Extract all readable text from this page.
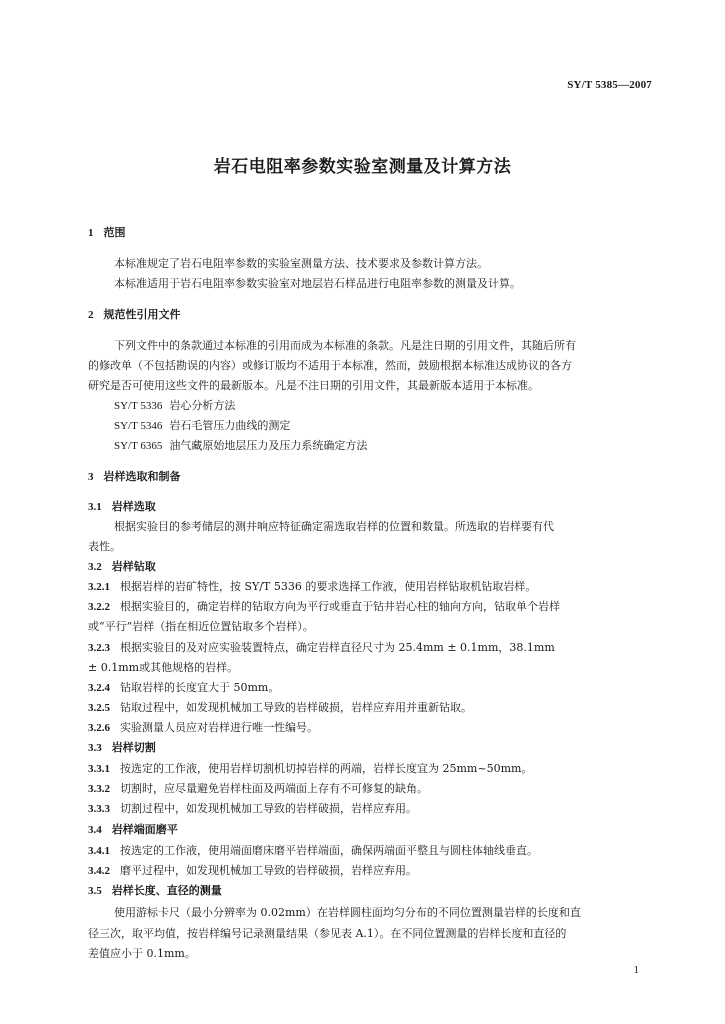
SY/T 5385—2007
岩石电阻率参数实验室测量及计算方法
1 范围
本标准规定了岩石电阻率参数的实验室测量方法、技术要求及参数计算方法。
本标准适用于岩石电阻率参数实验室对地层岩石样品进行电阻率参数的测量及计算。
2 规范性引用文件
下列文件中的条款通过本标准的引用而成为本标准的条款。凡是注日期的引用文件，其随后所有
的修改单（不包括勘误的内容）或修订版均不适用于本标准，然而，鼓励根据本标准达成协议的各方
研究是否可使用这些文件的最新版本。凡是不注日期的引用文件，其最新版本适用于本标准。
SY/T 5336 岩心分析方法
SY/T 5346 岩石毛管压力曲线的测定
SY/T 6365 油气藏原始地层压力及压力系统确定方法
3 岩样选取和制备
3.1 岩样选取
根据实验目的参考储层的测井响应特征确定需选取岩样的位置和数量。所选取的岩样要有代
表性。
3.2 岩样钻取
3.2.1 根据岩样的岩矿特性，按 SY/T 5336 的要求选择工作液，使用岩样钻取机钻取岩样。
3.2.2 根据实验目的，确定岩样的钻取方向为平行或垂直于钻井岩心柱的轴向方向，钻取单个岩样
或“平行”岩样（指在相近位置钻取多个岩样）。
3.2.3 根据实验目的及对应实验装置特点，确定岩样直径尺寸为 25.4mm ± 0.1mm，38.1mm
± 0.1mm或其他规格的岩样。
3.2.4 钻取岩样的长度宜大于 50mm。
3.2.5 钻取过程中，如发现机械加工导致的岩样破损，岩样应弃用并重新钻取。
3.2.6 实验测量人员应对岩样进行唯一性编号。
3.3 岩样切割
3.3.1 按选定的工作液，使用岩样切割机切掉岩样的两端，岩样长度宜为 25mm~50mm。
3.3.2 切割时，应尽量避免岩样柱面及两端面上存有不可修复的缺角。
3.3.3 切割过程中，如发现机械加工导致的岩样破损，岩样应弃用。
3.4 岩样端面磨平
3.4.1 按选定的工作液，使用端面磨床磨平岩样端面，确保两端面平整且与圆柱体轴线垂直。
3.4.2 磨平过程中，如发现机械加工导致的岩样破损，岩样应弃用。
3.5 岩样长度、直径的测量
使用游标卡尺（最小分辨率为 0.02mm）在岩样圆柱面均匀分布的不同位置测量岩样的长度和直
径三次，取平均值，按岩样编号记录测量结果（参见表 A.1）。在不同位置测量的岩样长度和直径的
差值应小于 0.1mm。
1
